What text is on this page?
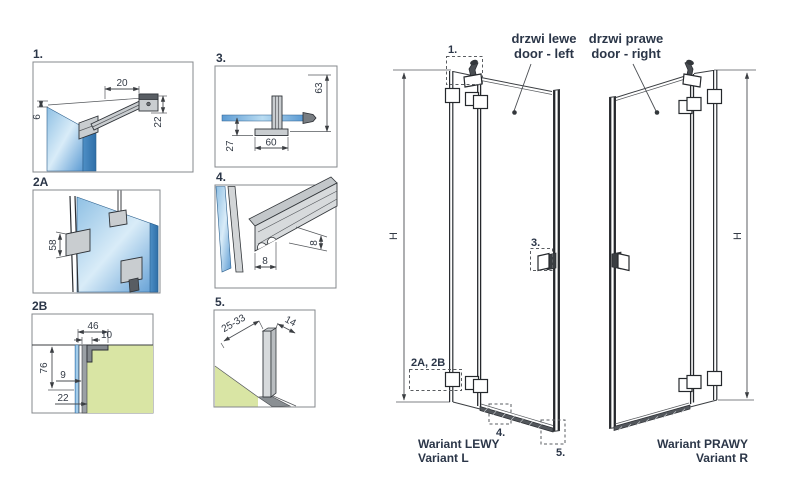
1.
20
6	22
2A
58
2B
46
10
76
9
22
3.
63
27	60
4.
8
8
5.
25-33	14
H
1.
2A, 2B
3.
4.
5.
drzwi lewe
door - left
Wariant LEWY
Variant L
H
drzwi prawe
door - right
Wariant PRAWY
Variant R
